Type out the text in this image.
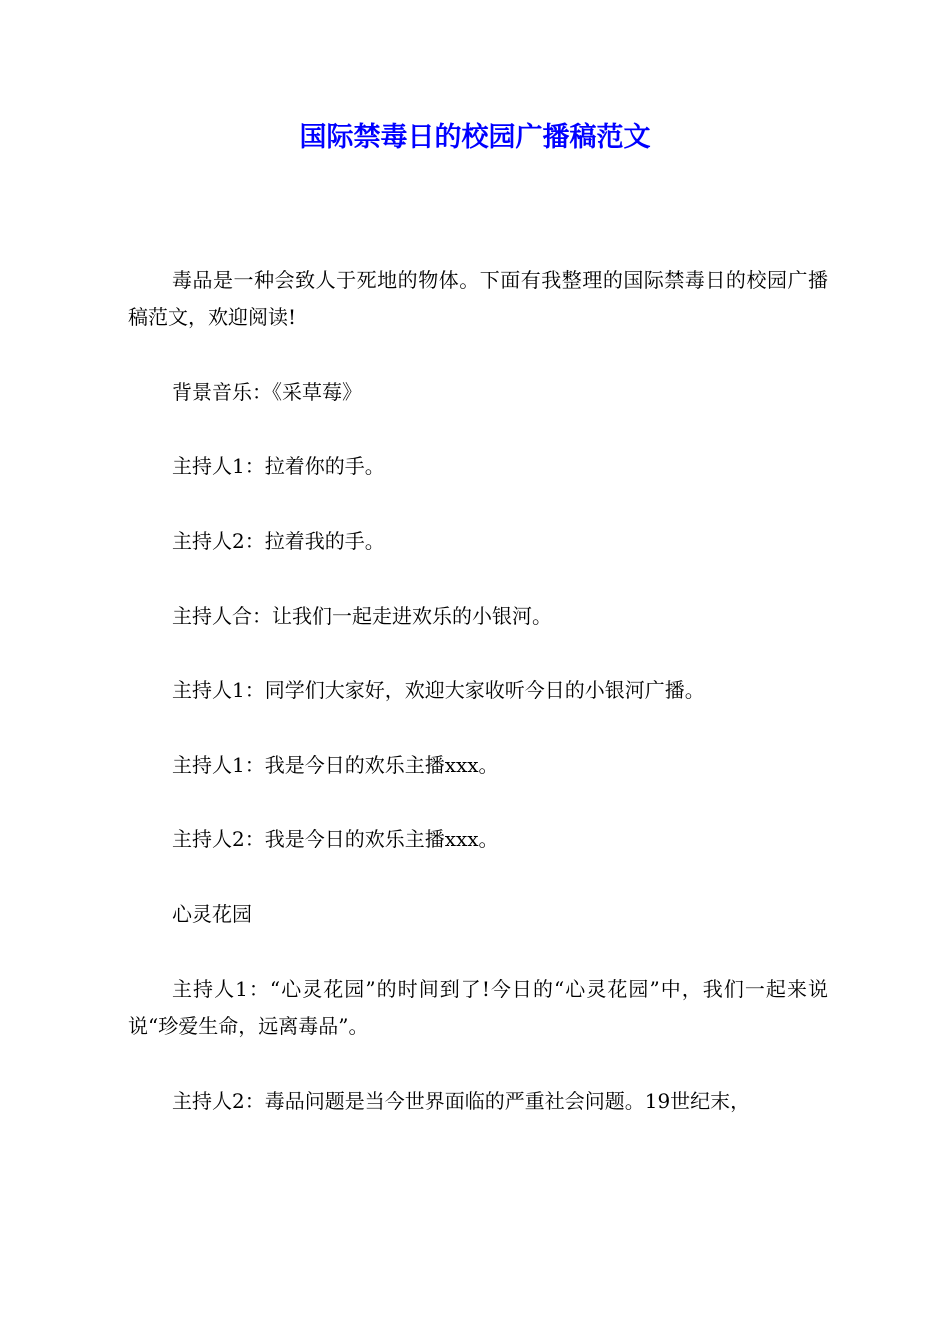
国际禁毒日的校园广播稿范文

毒品是一种会致人于死地的物体。下面有我整理的国际禁毒日的校园广播稿范文，欢迎阅读!

背景音乐：《采草莓》

主持人1：拉着你的手。

主持人2：拉着我的手。

主持人合：让我们一起走进欢乐的小银河。

主持人1：同学们大家好，欢迎大家收听今日的小银河广播。

主持人1：我是今日的欢乐主播xxx。

主持人2：我是今日的欢乐主播xxx。

心灵花园

主持人1：“心灵花园”的时间到了!今日的“心灵花园”中，我们一起来说说“珍爱生命，远离毒品”。

主持人2：毒品问题是当今世界面临的严重社会问题。19世纪末，
